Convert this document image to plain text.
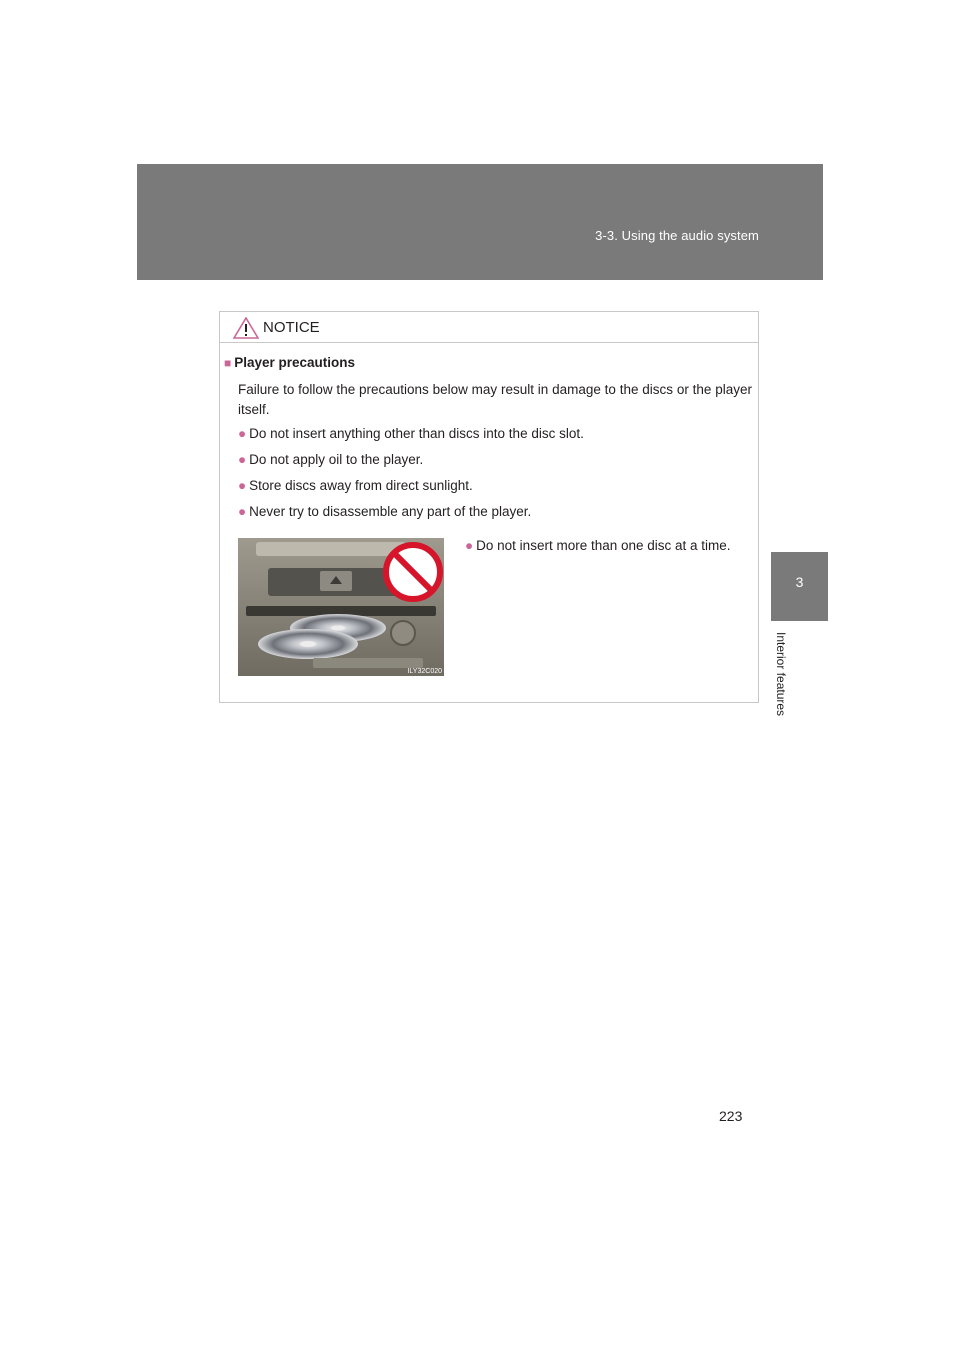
3-3. Using the audio system
3
Interior features
NOTICE
■ Player precautions
Failure to follow the precautions below may result in damage to the discs or the player itself.
● Do not insert anything other than discs into the disc slot.
● Do not apply oil to the player.
● Store discs away from direct sunlight.
● Never try to disassemble any part of the player.
ILY32C020
● Do not insert more than one disc at a time.
223
